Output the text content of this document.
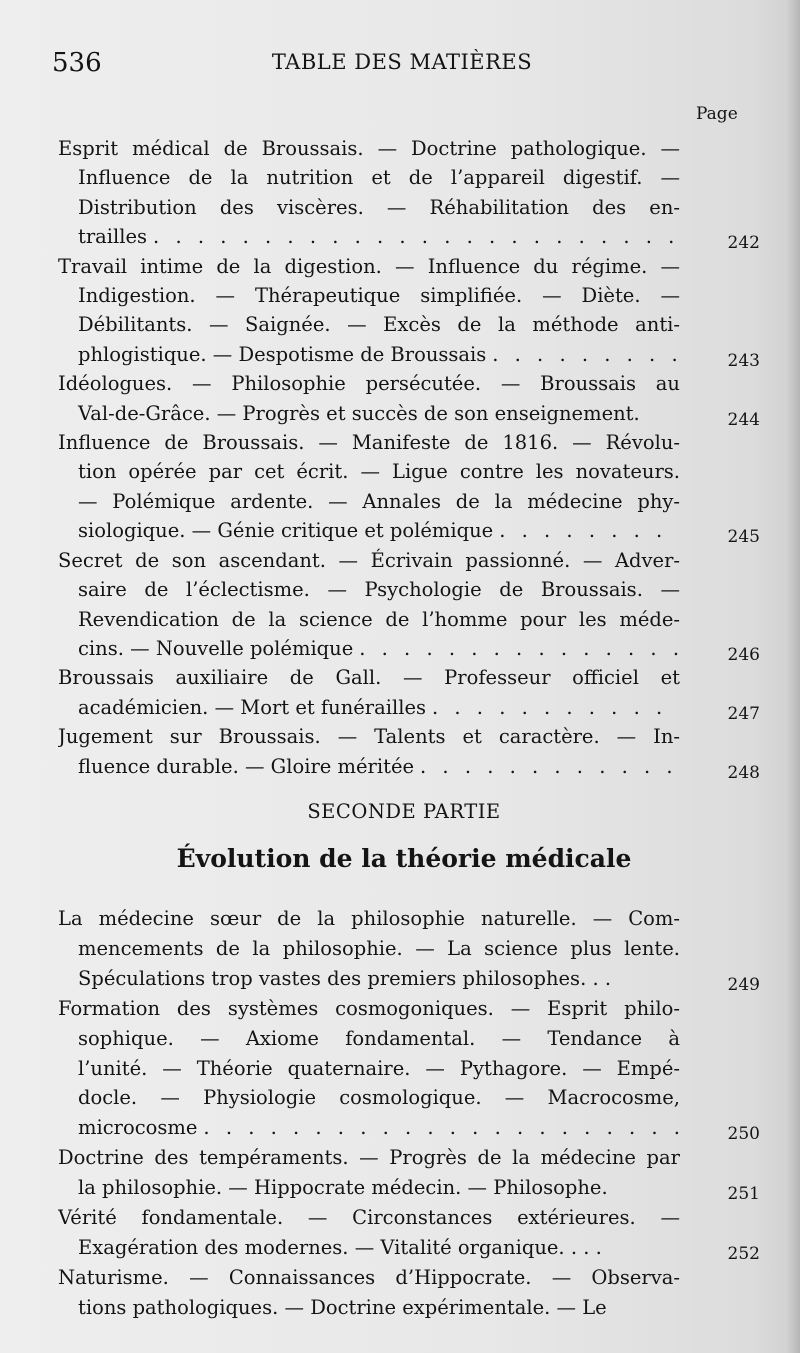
536	TABLE DES MATIÈRES
Page
Esprit médical de Broussais. — Doctrine pathologique. —
Influence de la nutrition et de l’appareil digestif. —
Distribution des viscères. — Réhabilitation des en-
trailles . . .	242
Travail intime de la digestion. — Influence du régime. —
Indigestion. — Thérapeutique simplifiée. — Diète. —
Débilitants. — Saignée. — Excès de la méthode anti-
phlogistique. — Despotisme de Broussais . . .	243
Idéologues. — Philosophie persécutée. — Broussais au
Val-de-Grâce. — Progrès et succès de son enseignement.	244
Influence de Broussais. — Manifeste de 1816. — Révolu-
tion opérée par cet écrit. — Ligue contre les novateurs.
— Polémique ardente. — Annales de la médecine phy-
siologique. — Génie critique et polémique . . .	245
Secret de son ascendant. — Écrivain passionné. — Adver-
saire de l’éclectisme. — Psychologie de Broussais. —
Revendication de la science de l’homme pour les méde-
cins. — Nouvelle polémique . . .	246
Broussais auxiliaire de Gall. — Professeur officiel et
académicien. — Mort et funérailles . . .	247
Jugement sur Broussais. — Talents et caractère. — In-
fluence durable. — Gloire méritée . . .	248
SECONDE PARTIE
Évolution de la théorie médicale
La médecine sœur de la philosophie naturelle. — Com-
mencements de la philosophie. — La science plus lente.
Spéculations trop vastes des premiers philosophes. . .	249
Formation des systèmes cosmogoniques. — Esprit philo-
sophique. — Axiome fondamental. — Tendance à
l’unité. — Théorie quaternaire. — Pythagore. — Empé-
docle. — Physiologie cosmologique. — Macrocosme,
microcosme . . .	250
Doctrine des tempéraments. — Progrès de la médecine par
la philosophie. — Hippocrate médecin. — Philosophe.	251
Vérité fondamentale. — Circonstances extérieures. —
Exagération des modernes. — Vitalité organique. . . .	252
Naturisme. — Connaissances d’Hippocrate. — Observa-
tions pathologiques. — Doctrine expérimentale. — Le
